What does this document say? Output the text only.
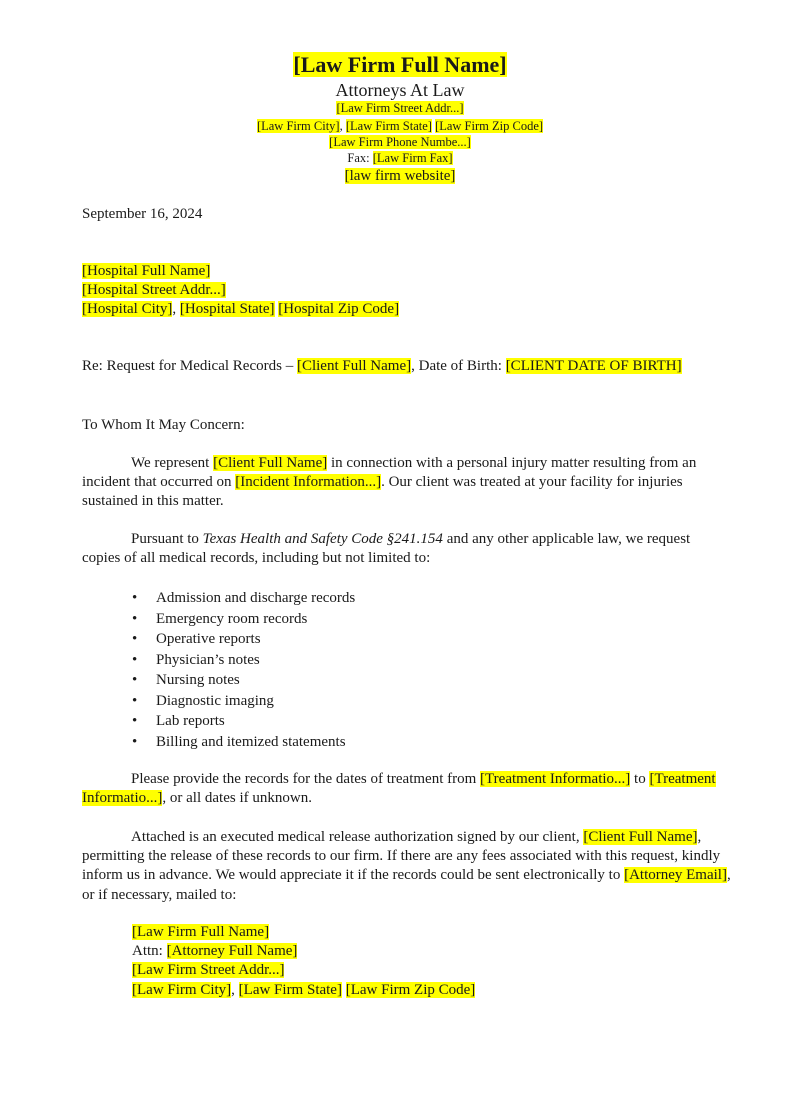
[Law Firm Full Name]
Attorneys At Law
[Law Firm Street Addr...]
[Law Firm City], [Law Firm State] [Law Firm Zip Code]
[Law Firm Phone Numbe...]
Fax: [Law Firm Fax]
[law firm website]
September 16, 2024
[Hospital Full Name]
[Hospital Street Addr...]
[Hospital City], [Hospital State] [Hospital Zip Code]
Re: Request for Medical Records – [Client Full Name], Date of Birth: [CLIENT DATE OF BIRTH]
To Whom It May Concern:
We represent [Client Full Name] in connection with a personal injury matter resulting from an incident that occurred on [Incident Information...]. Our client was treated at your facility for injuries sustained in this matter.
Pursuant to Texas Health and Safety Code §241.154 and any other applicable law, we request copies of all medical records, including but not limited to:
• Admission and discharge records
• Emergency room records
• Operative reports
• Physician’s notes
• Nursing notes
• Diagnostic imaging
• Lab reports
• Billing and itemized statements
Please provide the records for the dates of treatment from [Treatment Informatio...] to [Treatment Informatio...], or all dates if unknown.
Attached is an executed medical release authorization signed by our client, [Client Full Name], permitting the release of these records to our firm. If there are any fees associated with this request, kindly inform us in advance. We would appreciate it if the records could be sent electronically to [Attorney Email], or if necessary, mailed to:
[Law Firm Full Name]
Attn: [Attorney Full Name]
[Law Firm Street Addr...]
[Law Firm City], [Law Firm State] [Law Firm Zip Code]
